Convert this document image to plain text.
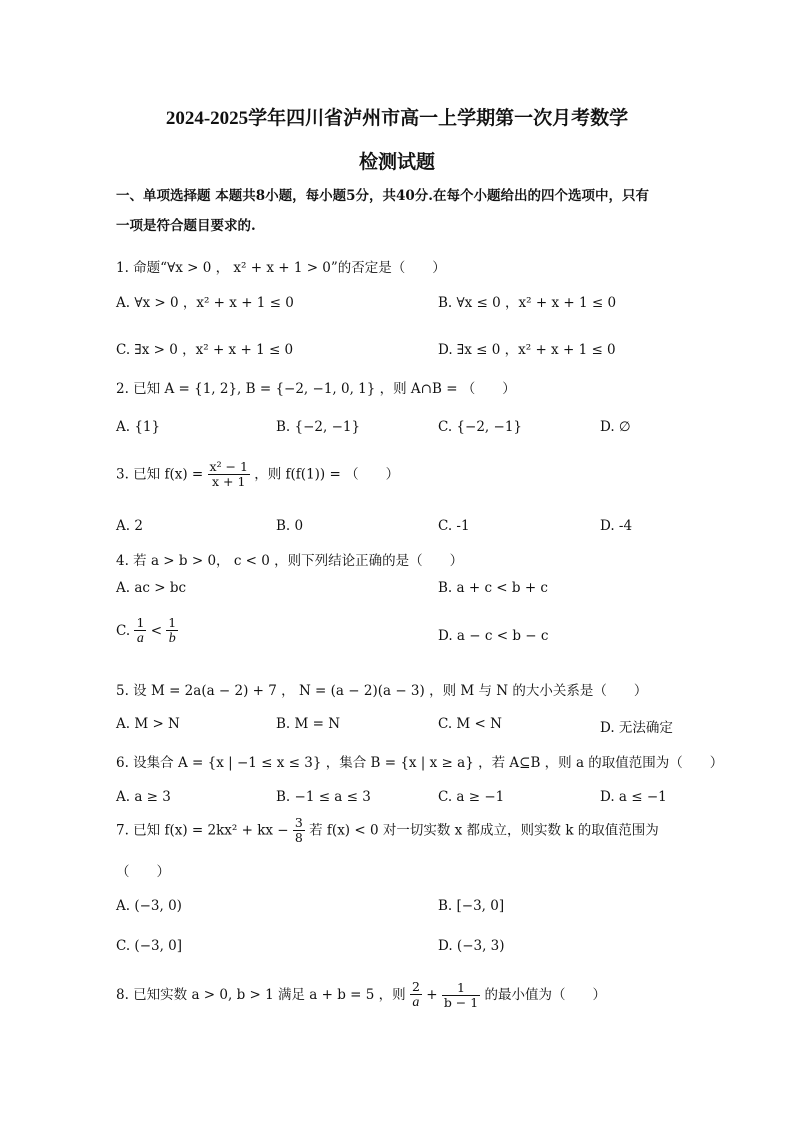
2024-2025学年四川省泸州市高一上学期第一次月考数学
检测试题
一、单项选择题 本题共8小题，每小题5分，共40分.在每个小题给出的四个选项中，只有
一项是符合题目要求的.
1. 命题“∀x > 0 ， x² + x + 1 > 0”的否定是（　　）
A. ∀x > 0 ，x² + x + 1 ≤ 0	B. ∀x ≤ 0 ，x² + x + 1 ≤ 0
C. ∃x > 0 ，x² + x + 1 ≤ 0	D. ∃x ≤ 0 ，x² + x + 1 ≤ 0
2. 已知 A = {1, 2}, B = {−2, −1, 0, 1} ，则 A∩B = （　　）
A. {1}	B. {−2, −1}	C. {−2, −1}	D. ∅
3. 已知 $f(x) = \frac{\text{x² − 1}}{x + 1}$ ，则 f(f(1)) = （　　）
A. 2	B. 0	C. -1	D. -4
4. 若 a > b > 0， c < 0 ，则下列结论正确的是（　　）
A. ac > bc	B. a + c < b + c
C. $\frac{1}{a} < \frac{1}{b}$	D. a − c < b − c
5. 设 M = 2a(a − 2) + 7 ， N = (a − 2)(a − 3) ，则 M 与 N 的大小关系是（　　）
A. M > N	B. M = N	C. M < N	D. 无法确定
6. 设集合 A = {x | −1 ≤ x ≤ 3} ，集合 B = {x | x ≥ a} ，若 A⊆B ，则 a 的取值范围为（　　）
A. a ≥ 3	B. −1 ≤ a ≤ 3	C. a ≥ −1	D. a ≤ −1
7. 已知 f(x) = 2kx² + kx − $\frac{3}{8}$ 若 f(x) < 0 对一切实数 x 都成立，则实数 k 的取值范围为
（　　）
A. (−3, 0)	B. [−3, 0]
C. (−3, 0]	D. (−3, 3)
8. 已知实数 a > 0, b > 1 满足 a + b = 5 ，则 $\frac{2}{a} + \frac{1}{b - 1}$ 的最小值为（　　）
